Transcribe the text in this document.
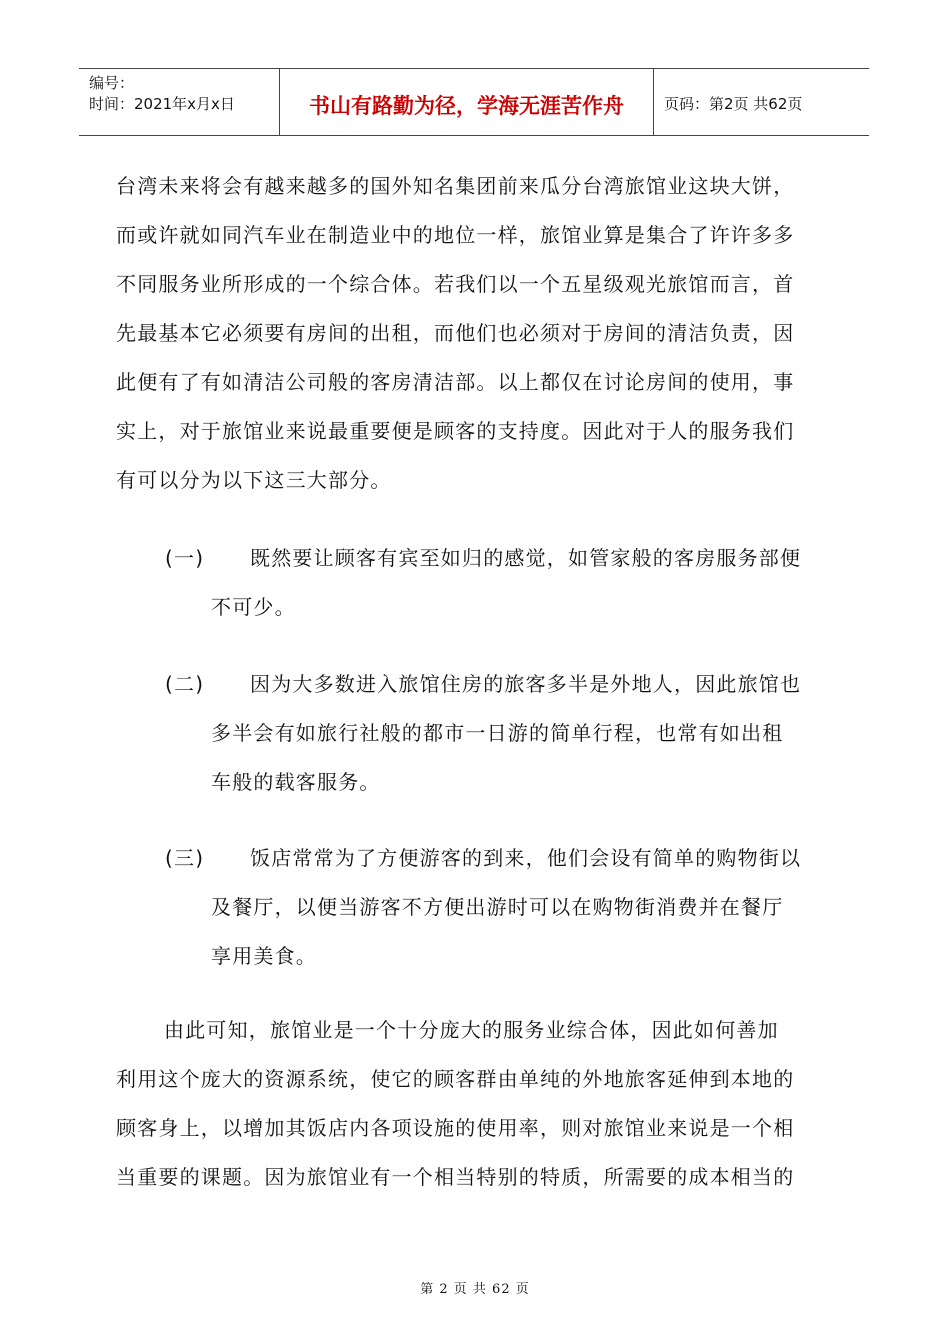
编号：
时间：2021年x月x日	书山有路勤为径，学海无涯苦作舟	页码：第2页 共62页
台湾未来将会有越来越多的国外知名集团前来瓜分台湾旅馆业这块大饼，
而或许就如同汽车业在制造业中的地位一样，旅馆业算是集合了许许多多
不同服务业所形成的一个综合体。若我们以一个五星级观光旅馆而言，首
先最基本它必须要有房间的出租，而他们也必须对于房间的清洁负责，因
此便有了有如清洁公司般的客房清洁部。以上都仅在讨论房间的使用，事
实上，对于旅馆业来说最重要便是顾客的支持度。因此对于人的服务我们
有可以分为以下这三大部分。
(一)	既然要让顾客有宾至如归的感觉，如管家般的客房服务部便
不可少。
(二)	因为大多数进入旅馆住房的旅客多半是外地人，因此旅馆也
多半会有如旅行社般的都市一日游的简单行程，也常有如出租
车般的载客服务。
(三)	饭店常常为了方便游客的到来，他们会设有简单的购物街以
及餐厅，以便当游客不方便出游时可以在购物街消费并在餐厅
享用美食。
由此可知，旅馆业是一个十分庞大的服务业综合体，因此如何善加
利用这个庞大的资源系统，使它的顾客群由单纯的外地旅客延伸到本地的
顾客身上，以增加其饭店内各项设施的使用率，则对旅馆业来说是一个相
当重要的课题。因为旅馆业有一个相当特别的特质，所需要的成本相当的
第 2 页 共 62 页
